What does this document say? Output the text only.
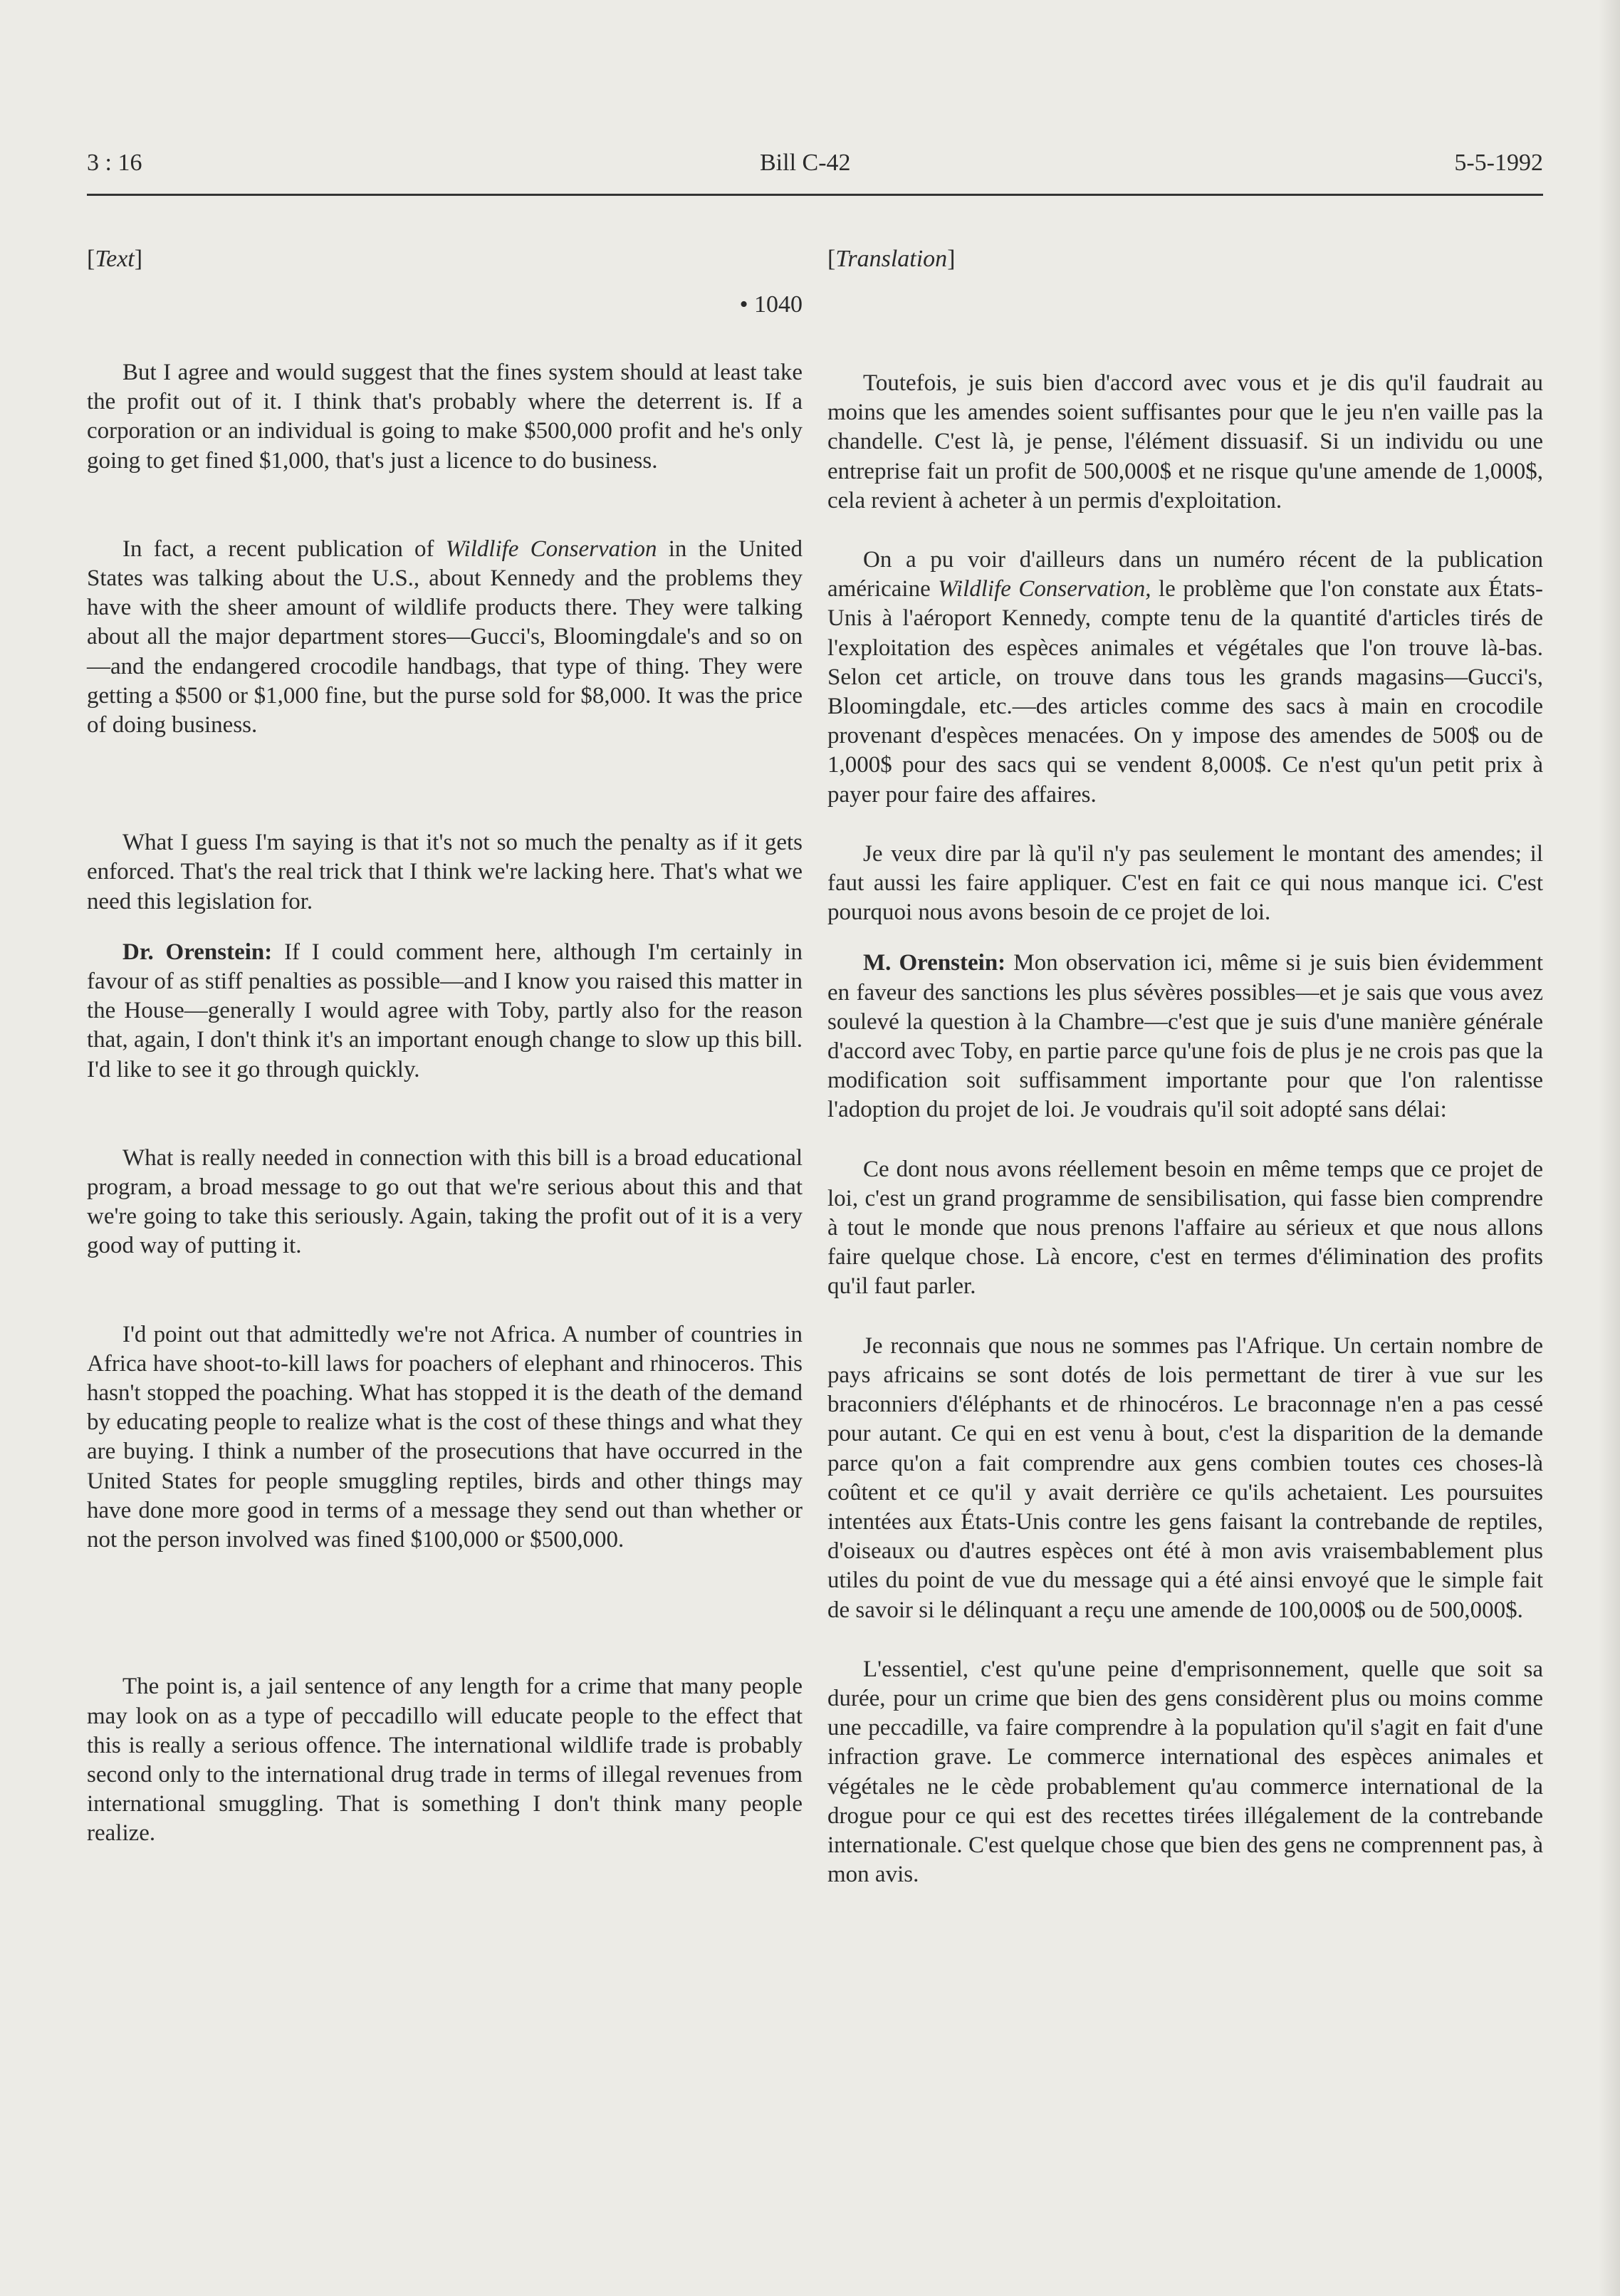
3 : 16	Bill C-42	5-5-1992

[Text]

• 1040

But I agree and would suggest that the fines system should at least take the profit out of it. I think that's probably where the deterrent is. If a corporation or an individual is going to make $500,000 profit and he's only going to get fined $1,000, that's just a licence to do business.

In fact, a recent publication of Wildlife Conservation in the United States was talking about the U.S., about Kennedy and the problems they have with the sheer amount of wildlife products there. They were talking about all the major department stores—Gucci's, Bloomingdale's and so on—and the endangered crocodile handbags, that type of thing. They were getting a $500 or $1,000 fine, but the purse sold for $8,000. It was the price of doing business.

What I guess I'm saying is that it's not so much the penalty as if it gets enforced. That's the real trick that I think we're lacking here. That's what we need this legislation for.

Dr. Orenstein: If I could comment here, although I'm certainly in favour of as stiff penalties as possible—and I know you raised this matter in the House—generally I would agree with Toby, partly also for the reason that, again, I don't think it's an important enough change to slow up this bill. I'd like to see it go through quickly.

What is really needed in connection with this bill is a broad educational program, a broad message to go out that we're serious about this and that we're going to take this seriously. Again, taking the profit out of it is a very good way of putting it.

I'd point out that admittedly we're not Africa. A number of countries in Africa have shoot-to-kill laws for poachers of elephant and rhinoceros. This hasn't stopped the poaching. What has stopped it is the death of the demand by educating people to realize what is the cost of these things and what they are buying. I think a number of the prosecutions that have occurred in the United States for people smuggling reptiles, birds and other things may have done more good in terms of a message they send out than whether or not the person involved was fined $100,000 or $500,000.

The point is, a jail sentence of any length for a crime that many people may look on as a type of peccadillo will educate people to the effect that this is really a serious offence. The international wildlife trade is probably second only to the international drug trade in terms of illegal revenues from international smuggling. That is something I don't think many people realize.

[Translation]

Toutefois, je suis bien d'accord avec vous et je dis qu'il faudrait au moins que les amendes soient suffisantes pour que le jeu n'en vaille pas la chandelle. C'est là, je pense, l'élément dissuasif. Si un individu ou une entreprise fait un profit de 500,000$ et ne risque qu'une amende de 1,000$, cela revient à acheter à un permis d'exploitation.

On a pu voir d'ailleurs dans un numéro récent de la publication américaine Wildlife Conservation, le problème que l'on constate aux États-Unis à l'aéroport Kennedy, compte tenu de la quantité d'articles tirés de l'exploitation des espèces animales et végétales que l'on trouve là-bas. Selon cet article, on trouve dans tous les grands magasins—Gucci's, Bloomingdale, etc.—des articles comme des sacs à main en crocodile provenant d'espèces menacées. On y impose des amendes de 500$ ou de 1,000$ pour des sacs qui se vendent 8,000$. Ce n'est qu'un petit prix à payer pour faire des affaires.

Je veux dire par là qu'il n'y pas seulement le montant des amendes; il faut aussi les faire appliquer. C'est en fait ce qui nous manque ici. C'est pourquoi nous avons besoin de ce projet de loi.

M. Orenstein: Mon observation ici, même si je suis bien évidemment en faveur des sanctions les plus sévères possibles—et je sais que vous avez soulevé la question à la Chambre—c'est que je suis d'une manière générale d'accord avec Toby, en partie parce qu'une fois de plus je ne crois pas que la modification soit suffisamment importante pour que l'on ralentisse l'adoption du projet de loi. Je voudrais qu'il soit adopté sans délai:

Ce dont nous avons réellement besoin en même temps que ce projet de loi, c'est un grand programme de sensibilisation, qui fasse bien comprendre à tout le monde que nous prenons l'affaire au sérieux et que nous allons faire quelque chose. Là encore, c'est en termes d'élimination des profits qu'il faut parler.

Je reconnais que nous ne sommes pas l'Afrique. Un certain nombre de pays africains se sont dotés de lois permettant de tirer à vue sur les braconniers d'éléphants et de rhinocéros. Le braconnage n'en a pas cessé pour autant. Ce qui en est venu à bout, c'est la disparition de la demande parce qu'on a fait comprendre aux gens combien toutes ces choses-là coûtent et ce qu'il y avait derrière ce qu'ils achetaient. Les poursuites intentées aux États-Unis contre les gens faisant la contrebande de reptiles, d'oiseaux ou d'autres espèces ont été à mon avis vraisembablement plus utiles du point de vue du message qui a été ainsi envoyé que le simple fait de savoir si le délinquant a reçu une amende de 100,000$ ou de 500,000$.

L'essentiel, c'est qu'une peine d'emprisonnement, quelle que soit sa durée, pour un crime que bien des gens considèrent plus ou moins comme une peccadille, va faire comprendre à la population qu'il s'agit en fait d'une infraction grave. Le commerce international des espèces animales et végétales ne le cède probablement qu'au commerce international de la drogue pour ce qui est des recettes tirées illégalement de la contrebande internationale. C'est quelque chose que bien des gens ne comprennent pas, à mon avis.
